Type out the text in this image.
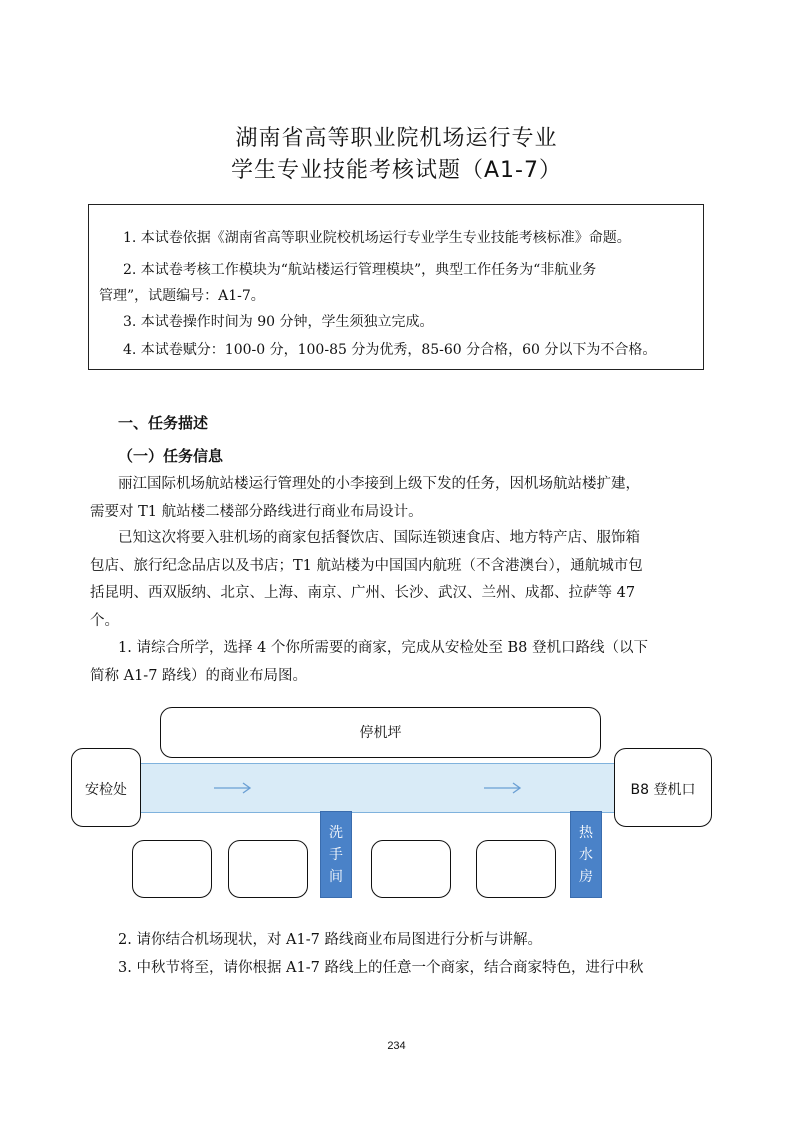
湖南省高等职业院机场运行专业
学生专业技能考核试题（A1-7）
1. 本试卷依据《湖南省高等职业院校机场运行专业学生专业技能考核标准》命题。
2. 本试卷考核工作模块为“航站楼运行管理模块”，典型工作任务为“非航业务
管理”，试题编号：A1-7。
3. 本试卷操作时间为 90 分钟，学生须独立完成。
4. 本试卷赋分：100-0 分，100-85 分为优秀，85-60 分合格，60 分以下为不合格。
一、任务描述
（一）任务信息
丽江国际机场航站楼运行管理处的小李接到上级下发的任务，因机场航站楼扩建，
需要对 T1 航站楼二楼部分路线进行商业布局设计。
已知这次将要入驻机场的商家包括餐饮店、国际连锁速食店、地方特产店、服饰箱
包店、旅行纪念品店以及书店；T1 航站楼为中国国内航班（不含港澳台），通航城市包
括昆明、西双版纳、北京、上海、南京、广州、长沙、武汉、兰州、成都、拉萨等 47
个。
1. 请综合所学，选择 4 个你所需要的商家，完成从安检处至 B8 登机口路线（以下
简称 A1-7 路线）的商业布局图。
停机坪
安检处	B8 登机口
洗
手
间
热
水
房
2. 请你结合机场现状，对 A1-7 路线商业布局图进行分析与讲解。
3. 中秋节将至，请你根据 A1-7 路线上的任意一个商家，结合商家特色，进行中秋
234
